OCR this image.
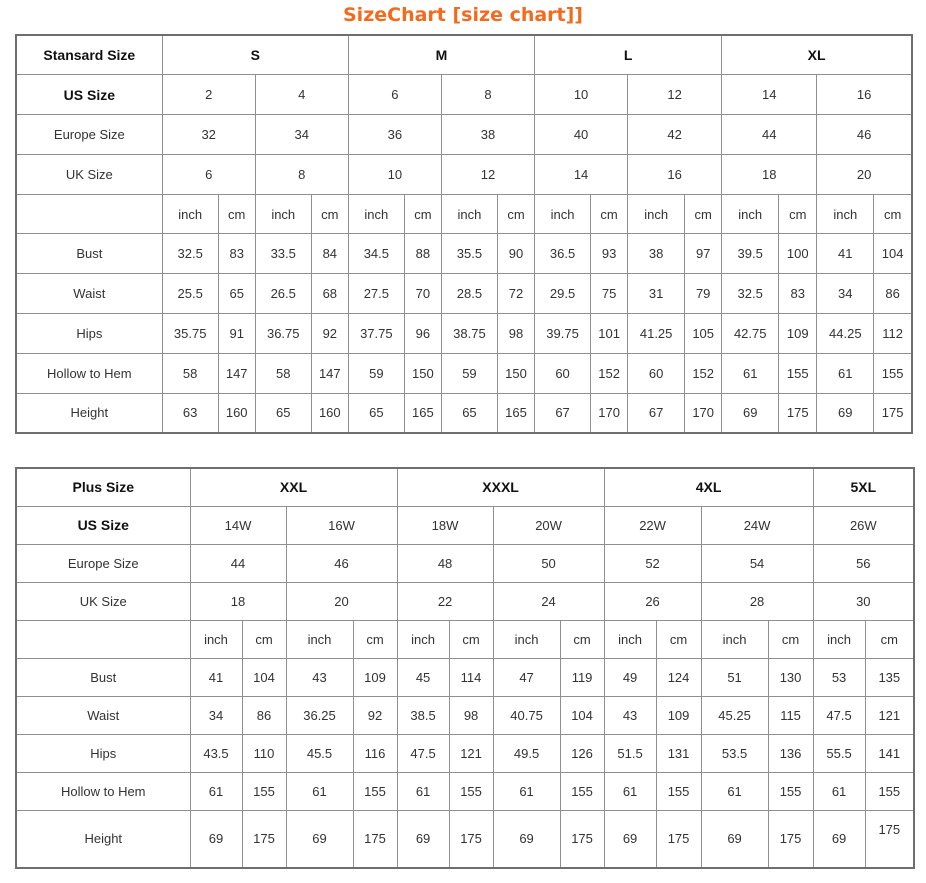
SizeChart [size chart]]
Stansard Size	S				M				L				XL			
US Size	2		4		6		8		10		12		14		16	
Europe Size	32		34		36		38		40		42		44		46	
UK Size	6		8		10		12		14		16		18		20	
	inch	cm	inch	cm	inch	cm	inch	cm	inch	cm	inch	cm	inch	cm	inch	cm
Bust	32.5	83	33.5	84	34.5	88	35.5	90	36.5	93	38	97	39.5	100	41	104
Waist	25.5	65	26.5	68	27.5	70	28.5	72	29.5	75	31	79	32.5	83	34	86
Hips	35.75	91	36.75	92	37.75	96	38.75	98	39.75	101	41.25	105	42.75	109	44.25	112
Hollow to Hem	58	147	58	147	59	150	59	150	60	152	60	152	61	155	61	155
Height	63	160	65	160	65	165	65	165	67	170	67	170	69	175	69	175
Plus Size	XXL				XXXL				4XL				5XL	
US Size	14W		16W		18W		20W		22W		24W		26W	
Europe Size	44		46		48		50		52		54		56	
UK Size	18		20		22		24		26		28		30	
	inch	cm	inch	cm	inch	cm	inch	cm	inch	cm	inch	cm	inch	cm
Bust	41	104	43	109	45	114	47	119	49	124	51	130	53	135
Waist	34	86	36.25	92	38.5	98	40.75	104	43	109	45.25	115	47.5	121
Hips	43.5	110	45.5	116	47.5	121	49.5	126	51.5	131	53.5	136	55.5	141
Hollow to Hem	61	155	61	155	61	155	61	155	61	155	61	155	61	155
Height	69	175	69	175	69	175	69	175	69	175	69	175	69	175
